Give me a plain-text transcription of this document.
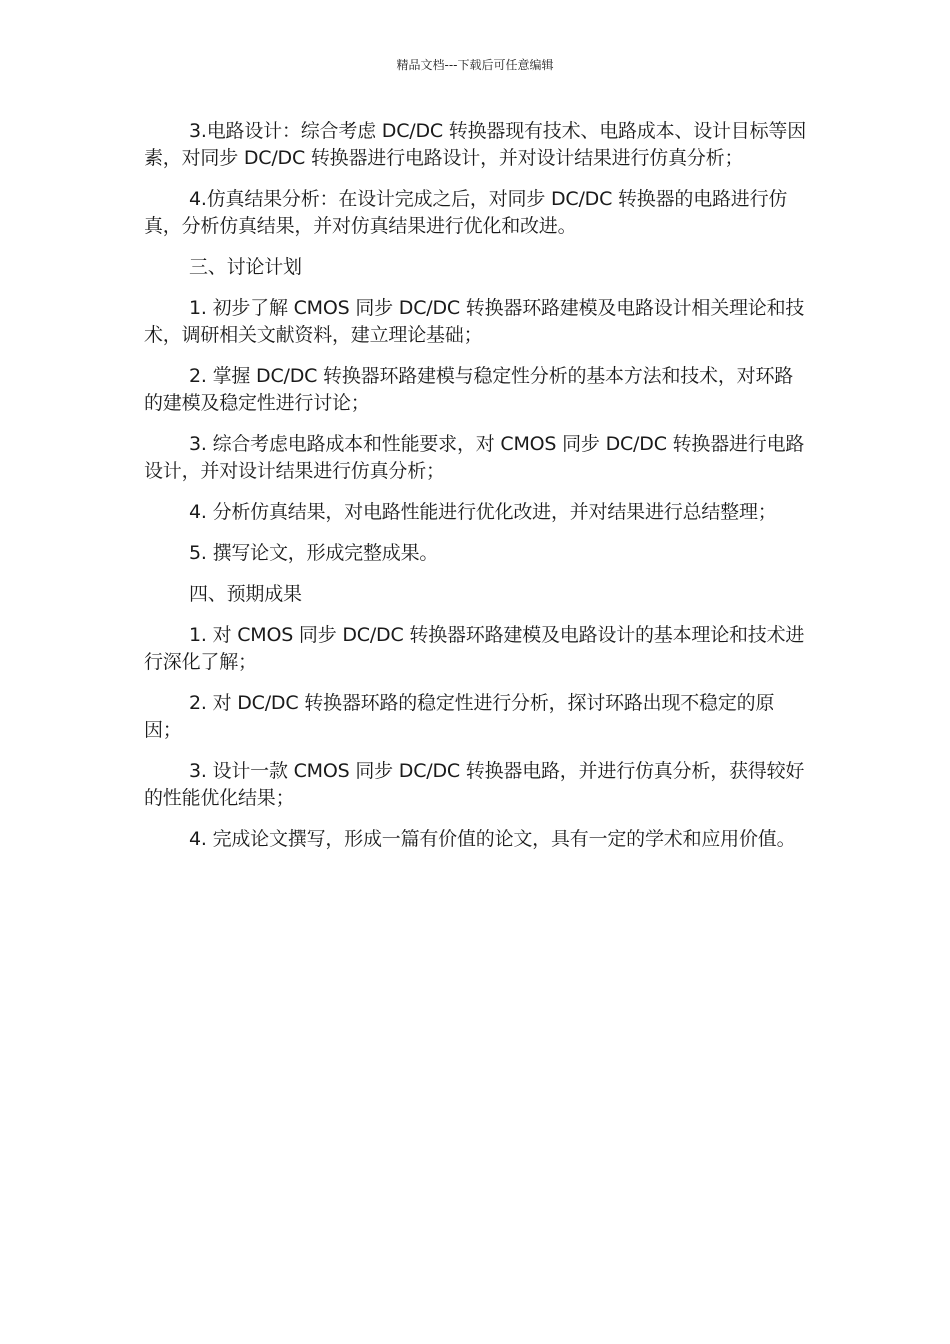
精品文档---下载后可任意编辑

3.电路设计：综合考虑 DC/DC 转换器现有技术、电路成本、设计目标等因素，对同步 DC/DC 转换器进行电路设计，并对设计结果进行仿真分析；

4.仿真结果分析：在设计完成之后，对同步 DC/DC 转换器的电路进行仿真，分析仿真结果，并对仿真结果进行优化和改进。

三、讨论计划

1. 初步了解 CMOS 同步 DC/DC 转换器环路建模及电路设计相关理论和技术，调研相关文献资料，建立理论基础；

2. 掌握 DC/DC 转换器环路建模与稳定性分析的基本方法和技术，对环路的建模及稳定性进行讨论；

3. 综合考虑电路成本和性能要求，对 CMOS 同步 DC/DC 转换器进行电路设计，并对设计结果进行仿真分析；

4. 分析仿真结果，对电路性能进行优化改进，并对结果进行总结整理；

5. 撰写论文，形成完整成果。

四、预期成果

1. 对 CMOS 同步 DC/DC 转换器环路建模及电路设计的基本理论和技术进行深化了解；

2. 对 DC/DC 转换器环路的稳定性进行分析，探讨环路出现不稳定的原因；

3. 设计一款 CMOS 同步 DC/DC 转换器电路，并进行仿真分析，获得较好的性能优化结果；

4. 完成论文撰写，形成一篇有价值的论文，具有一定的学术和应用价值。
